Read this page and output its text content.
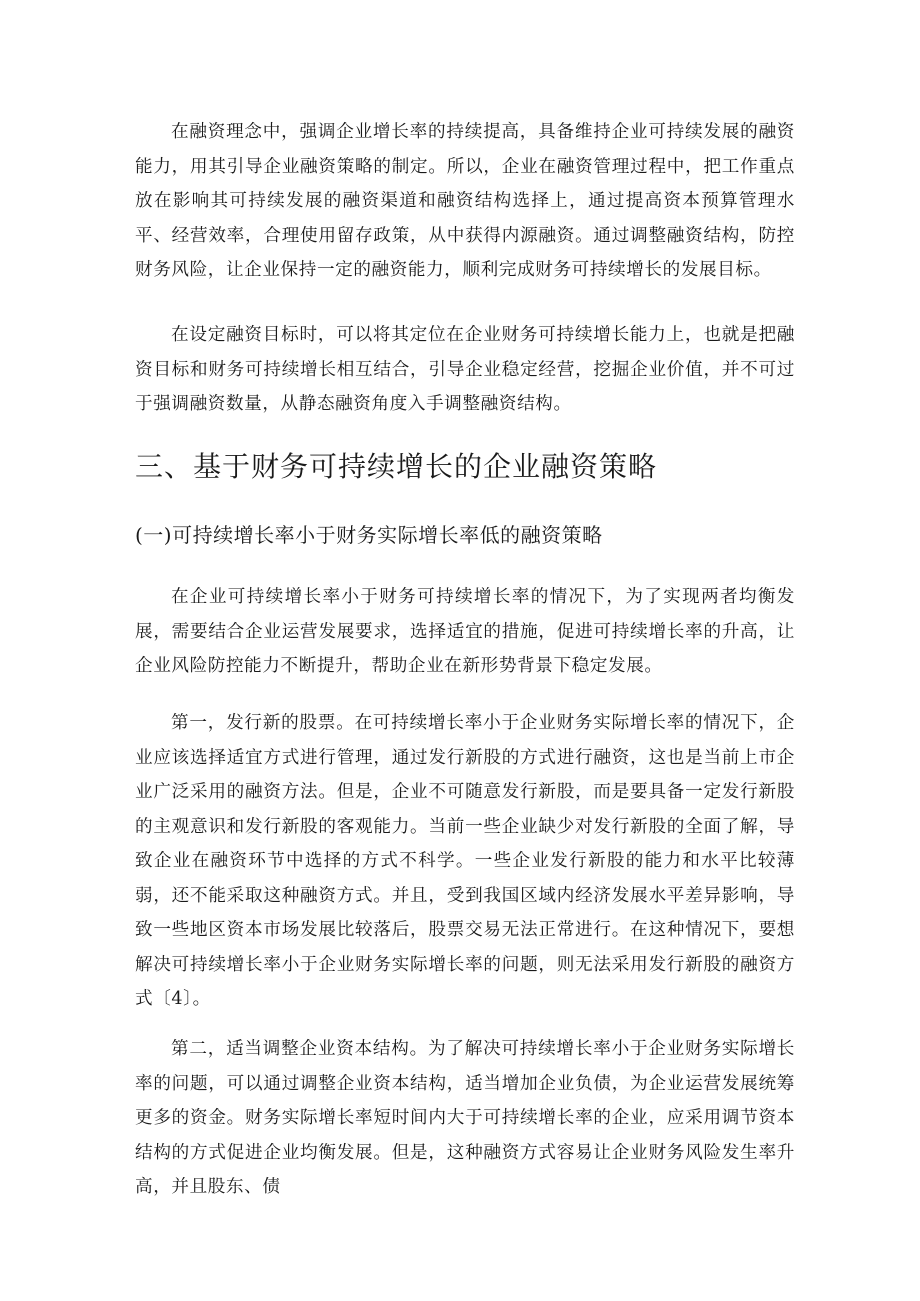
在融资理念中，强调企业增长率的持续提高，具备维持企业可持续发展的融资能力，用其引导企业融资策略的制定。所以，企业在融资管理过程中，把工作重点放在影响其可持续发展的融资渠道和融资结构选择上，通过提高资本预算管理水平、经营效率，合理使用留存政策，从中获得内源融资。通过调整融资结构，防控财务风险，让企业保持一定的融资能力，顺利完成财务可持续增长的发展目标。

在设定融资目标时，可以将其定位在企业财务可持续增长能力上，也就是把融资目标和财务可持续增长相互结合，引导企业稳定经营，挖掘企业价值，并不可过于强调融资数量，从静态融资角度入手调整融资结构。

三、基于财务可持续增长的企业融资策略
(一)可持续增长率小于财务实际增长率低的融资策略

在企业可持续增长率小于财务可持续增长率的情况下，为了实现两者均衡发展，需要结合企业运营发展要求，选择适宜的措施，促进可持续增长率的升高，让企业风险防控能力不断提升，帮助企业在新形势背景下稳定发展。

第一，发行新的股票。在可持续增长率小于企业财务实际增长率的情况下，企业应该选择适宜方式进行管理，通过发行新股的方式进行融资，这也是当前上市企业广泛采用的融资方法。但是，企业不可随意发行新股，而是要具备一定发行新股的主观意识和发行新股的客观能力。当前一些企业缺少对发行新股的全面了解，导致企业在融资环节中选择的方式不科学。一些企业发行新股的能力和水平比较薄弱，还不能采取这种融资方式。并且，受到我国区域内经济发展水平差异影响，导致一些地区资本市场发展比较落后，股票交易无法正常进行。在这种情况下，要想解决可持续增长率小于企业财务实际增长率的问题，则无法采用发行新股的融资方式〔4〕。

第二，适当调整企业资本结构。为了解决可持续增长率小于企业财务实际增长率的问题，可以通过调整企业资本结构，适当增加企业负债，为企业运营发展统筹更多的资金。财务实际增长率短时间内大于可持续增长率的企业，应采用调节资本结构的方式促进企业均衡发展。但是，这种融资方式容易让企业财务风险发生率升高，并且股东、债
